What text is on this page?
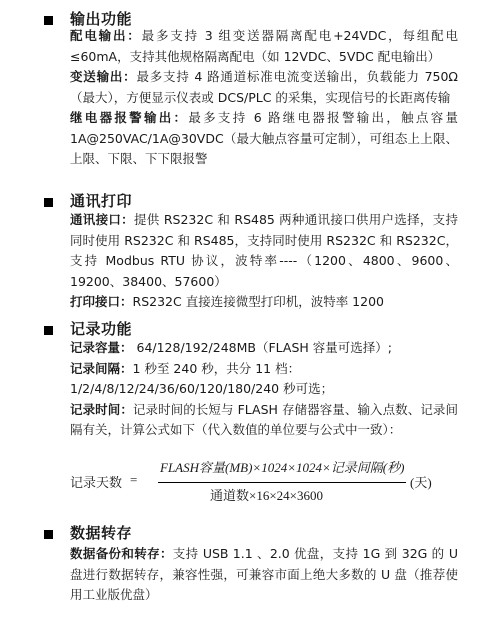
输出功能

配电输出：最多支持 3 组变送器隔离配电+24VDC，每组配电≤60mA，支持其他规格隔离配电（如 12VDC、5VDC 配电输出）

变送输出：最多支持 4 路通道标准电流变送输出，负载能力 750Ω（最大），方便显示仪表或 DCS/PLC 的采集，实现信号的长距离传输

继电器报警输出：最多支持 6 路继电器报警输出，触点容量 1A@250VAC/1A@30VDC（最大触点容量可定制），可组态上上限、上限、下限、下下限报警

通讯打印

通讯接口：提供 RS232C 和 RS485 两种通讯接口供用户选择，支持同时使用 RS232C 和 RS485，支持同时使用 RS232C 和 RS232C，支持 Modbus RTU 协议，波特率----（1200、4800、9600、19200、38400、57600）

打印接口：RS232C 直接连接微型打印机，波特率 1200

记录功能

记录容量： 64/128/192/248MB（FLASH 容量可选择）;

记录间隔：1 秒至 240 秒，共分 11 档：

1/2/4/8/12/24/36/60/120/180/240 秒可选；

记录时间：记录时间的长短与 FLASH 存储器容量、输入点数、记录间隔有关，计算公式如下（代入数值的单位要与公式中一致）：

记录天数 =
FLASH容量(MB)×1024×1024×记录间隔(秒)
通道数×16×24×3600
(天)
数据转存

数据备份和转存：支持 USB 1.1 、2.0 优盘，支持 1G 到 32G 的 U 盘进行数据转存，兼容性强，可兼容市面上绝大多数的 U 盘（推荐使用工业版优盘）
